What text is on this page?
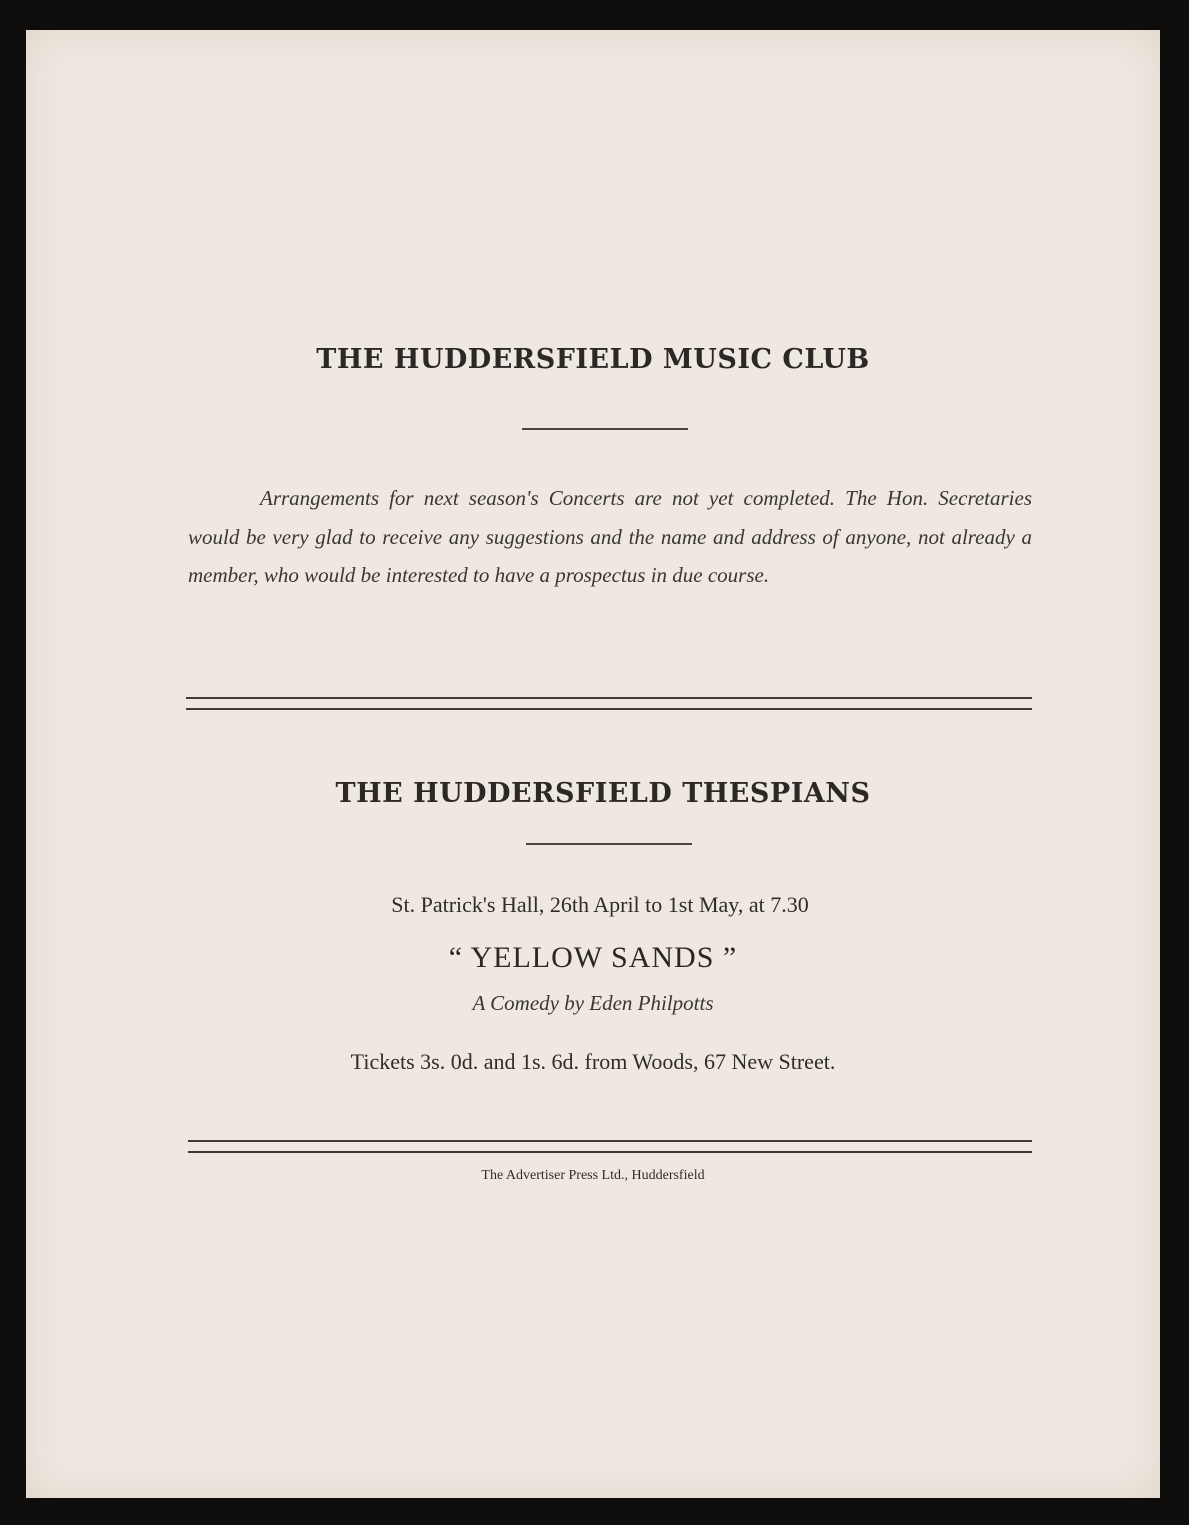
THE HUDDERSFIELD MUSIC CLUB
Arrangements for next season's Concerts are not yet completed. The Hon. Secretaries would be very glad to receive any suggestions and the name and address of anyone, not already a member, who would be interested to have a prospectus in due course.
THE HUDDERSFIELD THESPIANS
St. Patrick's Hall, 26th April to 1st May, at 7.30
“ YELLOW SANDS ”
A Comedy by Eden Philpotts
Tickets 3s. 0d. and 1s. 6d. from Woods, 67 New Street.
The Advertiser Press Ltd., Huddersfield
